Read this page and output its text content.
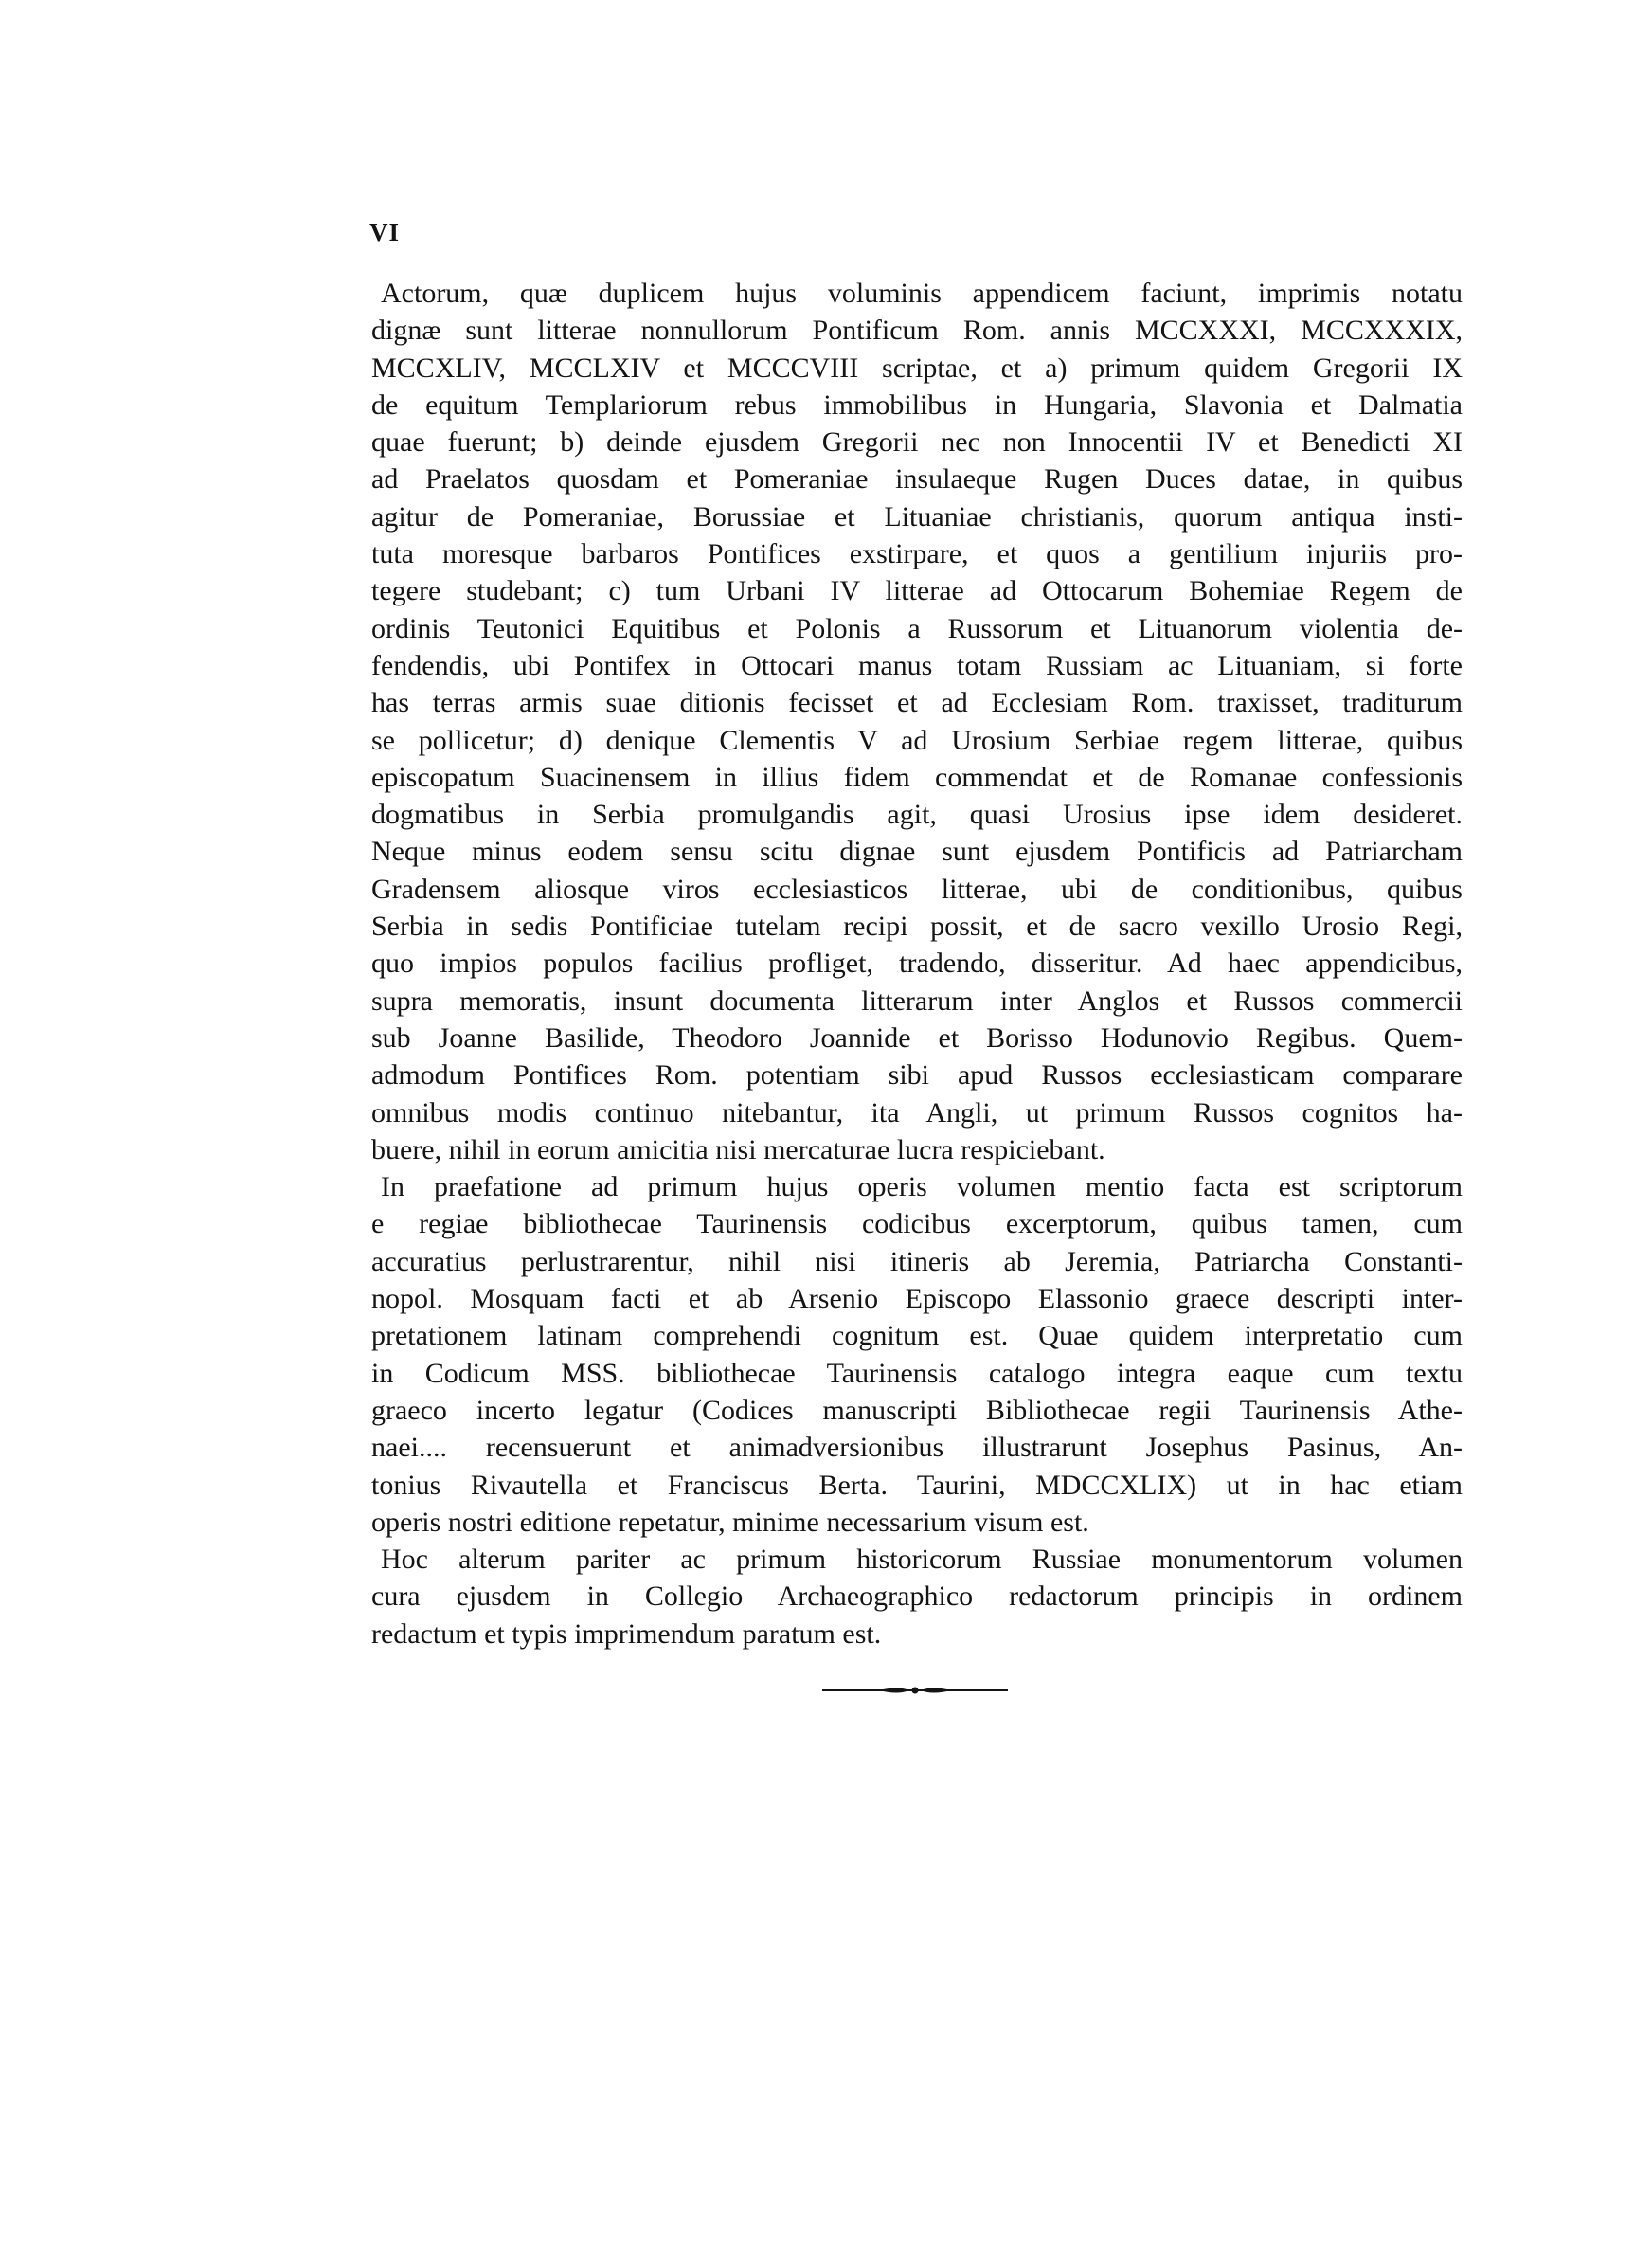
VI

Actorum, quæ duplicem hujus voluminis appendicem faciunt, imprimis notatu
dignæ sunt litterae nonnullorum Pontificum Rom. annis MCCXXXI, MCCXXXIX,
MCCXLIV, MCCLXIV et MCCCVIII scriptae, et a) primum quidem Gregorii IX
de equitum Templariorum rebus immobilibus in Hungaria, Slavonia et Dalmatia
quae fuerunt; b) deinde ejusdem Gregorii nec non Innocentii IV et Benedicti XI
ad Praelatos quosdam et Pomeraniae insulaeque Rugen Duces datae, in quibus
agitur de Pomeraniae, Borussiae et Lituaniae christianis, quorum antiqua insti-
tuta moresque barbaros Pontifices exstirpare, et quos a gentilium injuriis pro-
tegere studebant; c) tum Urbani IV litterae ad Ottocarum Bohemiae Regem de
ordinis Teutonici Equitibus et Polonis a Russorum et Lituanorum violentia de-
fendendis, ubi Pontifex in Ottocari manus totam Russiam ac Lituaniam, si forte
has terras armis suae ditionis fecisset et ad Ecclesiam Rom. traxisset, traditurum
se pollicetur; d) denique Clementis V ad Urosium Serbiae regem litterae, quibus
episcopatum Suacinensem in illius fidem commendat et de Romanae confessionis
dogmatibus in Serbia promulgandis agit, quasi Urosius ipse idem desideret.
Neque minus eodem sensu scitu dignae sunt ejusdem Pontificis ad Patriarcham
Gradensem aliosque viros ecclesiasticos litterae, ubi de conditionibus, quibus
Serbia in sedis Pontificiae tutelam recipi possit, et de sacro vexillo Urosio Regi,
quo impios populos facilius profliget, tradendo, disseritur. Ad haec appendicibus,
supra memoratis, insunt documenta litterarum inter Anglos et Russos commercii
sub Joanne Basilide, Theodoro Joannide et Borisso Hodunovio Regibus. Quem-
admodum Pontifices Rom. potentiam sibi apud Russos ecclesiasticam comparare
omnibus modis continuo nitebantur, ita Angli, ut primum Russos cognitos ha-
buere, nihil in eorum amicitia nisi mercaturae lucra respiciebant.

In praefatione ad primum hujus operis volumen mentio facta est scriptorum
e regiae bibliothecae Taurinensis codicibus excerptorum, quibus tamen, cum
accuratius perlustrarentur, nihil nisi itineris ab Jeremia, Patriarcha Constanti-
nopol. Mosquam facti et ab Arsenio Episcopo Elassonio graece descripti inter-
pretationem latinam comprehendi cognitum est. Quae quidem interpretatio cum
in Codicum MSS. bibliothecae Taurinensis catalogo integra eaque cum textu
graeco incerto legatur (Codices manuscripti Bibliothecae regii Taurinensis Athe-
naei.... recensuerunt et animadversionibus illustrarunt Josephus Pasinus, An-
tonius Rivautella et Franciscus Berta. Taurini, MDCCXLIX) ut in hac etiam
operis nostri editione repetatur, minime necessarium visum est.

Hoc alterum pariter ac primum historicorum Russiae monumentorum volumen
cura ejusdem in Collegio Archaeographico redactorum principis in ordinem
redactum et typis imprimendum paratum est.
